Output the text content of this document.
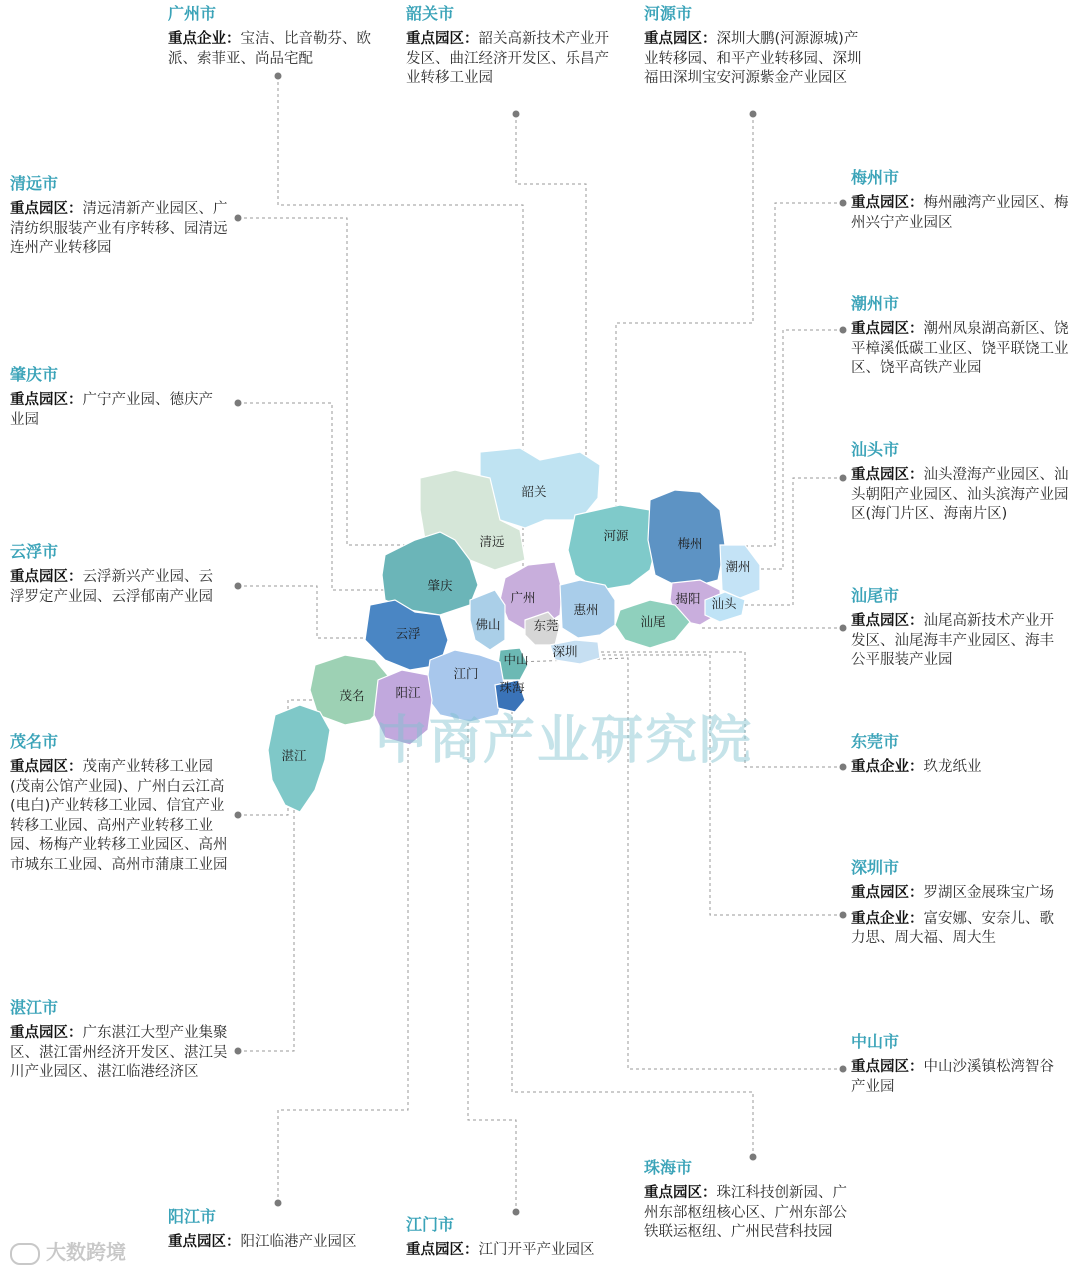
韶关
清远	河源
梅州
潮州
肇庆
广州	揭阳 汕头
惠州
汕尾
佛山	东莞
云浮
中山
深圳
江门
茂名 阳江	珠海
湛江 中商产业研究院
大数跨境
广州市
重点企业：宝洁、比音勒芬、欧派、索菲亚、尚品宅配
韶关市
重点园区：韶关高新技术产业开发区、曲江经济开发区、乐昌产业转移工业园
河源市
重点园区：深圳大鹏(河源源城)产业转移园、和平产业转移园、深圳福田深圳宝安河源紫金产业园区
清远市
重点园区：清远清新产业园区、广清纺织服装产业有序转移、园清远连州产业转移园
梅州市
重点园区：梅州融湾产业园区、梅州兴宁产业园区
潮州市
重点园区：潮州凤泉湖高新区、饶平樟溪低碳工业区、饶平联饶工业区、饶平高铁产业园
肇庆市
重点园区：广宁产业园、德庆产业园
汕头市
重点园区：汕头澄海产业园区、汕头朝阳产业园区、汕头滨海产业园区(海门片区、海南片区)
云浮市
重点园区：云浮新兴产业园、云浮罗定产业园、云浮郁南产业园	汕尾市
重点园区：汕尾高新技术产业开发区、汕尾海丰产业园区、海丰公平服装产业园
茂名市
重点园区：茂南产业转移工业园(茂南公馆产业园)、广州白云江高(电白)产业转移工业园、信宜产业转移工业园、高州产业转移工业园、杨梅产业转移工业园区、高州市城东工业园、高州市蒲康工业园
东莞市
重点企业：玖龙纸业
深圳市
重点园区：罗湖区金展珠宝广场
重点企业：富安娜、安奈儿、歌力思、周大福、周大生
湛江市
重点园区：广东湛江大型产业集聚区、湛江雷州经济开发区、湛江吴川产业园区、湛江临港经济区
中山市
重点园区：中山沙溪镇松湾智谷产业园
珠海市
重点园区：珠江科技创新园、广州东部枢纽核心区、广州东部公铁联运枢纽、广州民营科技园
阳江市
重点园区：阳江临港产业园区
江门市
重点园区：江门开平产业园区
